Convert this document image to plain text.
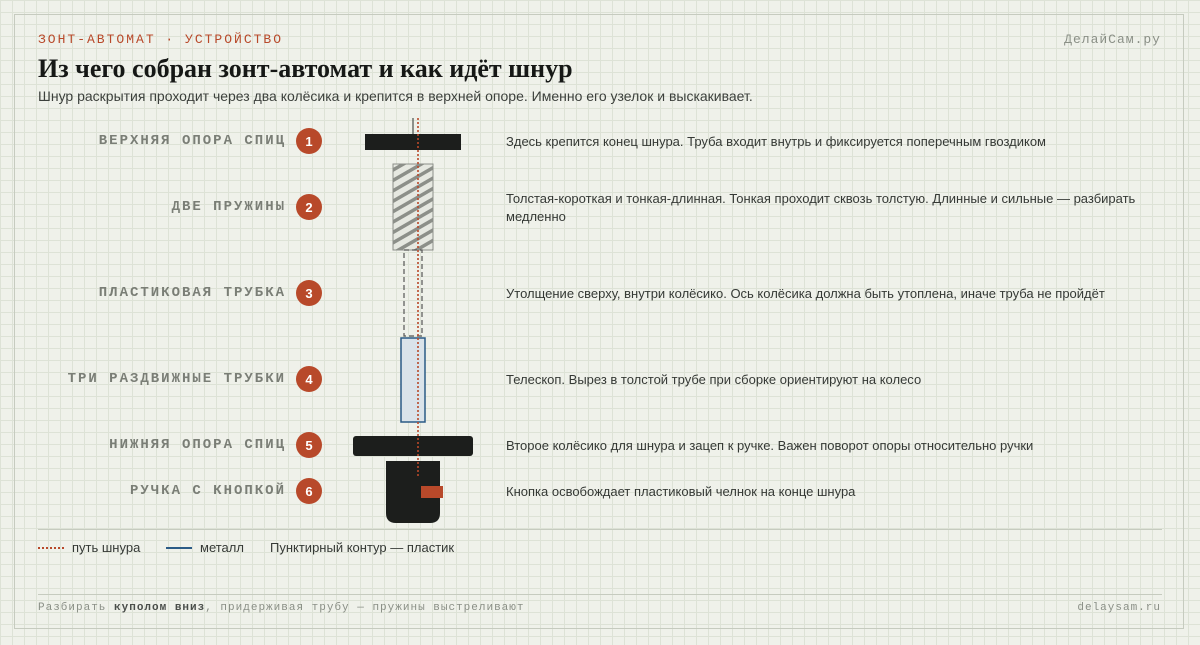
ЗОНТ-АВТОМАТ · УСТРОЙСТВО	ДелайСам.ру
Из чего собран зонт-автомат и как идёт шнур
Шнур раскрытия проходит через два колёсика и крепится в верхней опоре. Именно его узелок и выскакивает.
ВЕРХНЯЯ ОПОРА СПИЦ
ДВЕ ПРУЖИНЫ
ПЛАСТИКОВАЯ ТРУБКА
ТРИ РАЗДВИЖНЫЕ ТРУБКИ
НИЖНЯЯ ОПОРА СПИЦ
РУЧКА С КНОПКОЙ
1
2
3
4
5
6
Здесь крепится конец шнура. Труба входит внутрь и фиксируется поперечным гвоздиком
Толстая-короткая и тонкая-длинная. Тонкая проходит сквозь толстую. Длинные и сильные — разбирать медленно
Утолщение сверху, внутри колёсико. Ось колёсика должна быть утоплена, иначе труба не пройдёт
Телескоп. Вырез в толстой трубе при сборке ориентируют на колесо
Второе колёсико для шнура и зацеп к ручке. Важен поворот опоры относительно ручки
Кнопка освобождает пластиковый челнок на конце шнура
путь шнура	металл Пунктирный контур — пластик
Разбирать куполом вниз, придерживая трубу — пружины выстреливают	delaysam.ru
